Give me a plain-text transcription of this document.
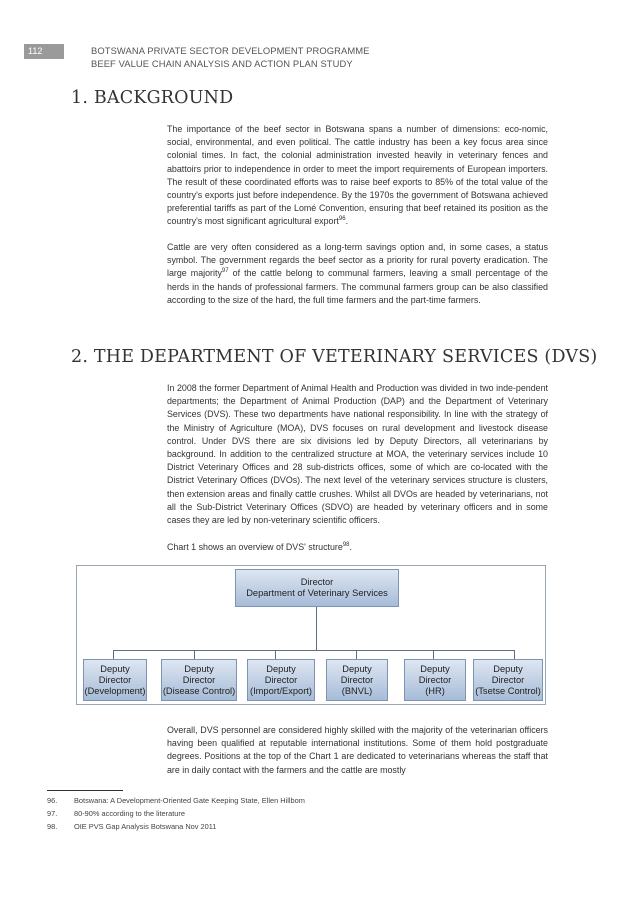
112	BOTSWANA PRIVATE SECTOR DEVELOPMENT PROGRAMME
BEEF VALUE CHAIN ANALYSIS AND ACTION PLAN STUDY
1. BACKGROUND

The importance of the beef sector in Botswana spans a number of dimensions: eco-nomic, social, environmental, and even political. The cattle industry has been a key focus area since colonial times. In fact, the colonial administration invested heavily in veterinary fences and abattoirs prior to independence in order to meet the import requirements of European importers. The result of these coordinated efforts was to raise beef exports to 85% of the total value of the country's exports just before independence. By the 1970s the government of Botswana achieved preferential tariffs as part of the Lomé Convention, ensuring that beef retained its position as the country's most significant agricultural export$^{96}$.

Cattle are very often considered as a long-term savings option and, in some cases, a status symbol. The government regards the beef sector as a priority for rural poverty eradication. The large majority$^{97}$ of the cattle belong to communal farmers, leaving a small percentage of the herds in the hands of professional farmers. The communal farmers group can be also classified according to the size of the hard, the full time farmers and the part-time farmers.

2. THE DEPARTMENT OF VETERINARY SERVICES (DVS)

In 2008 the former Department of Animal Health and Production was divided in two inde-pendent departments; the Department of Animal Production (DAP) and the Department of Veterinary Services (DVS). These two departments have national responsibility. In line with the strategy of the Ministry of Agriculture (MOA), DVS focuses on rural development and livestock disease control. Under DVS there are six divisions led by Deputy Directors, all veterinarians by background. In addition to the centralized structure at MOA, the veterinary services include 10 District Veterinary Offices and 28 sub-districts offices, some of which are co-located with the District Veterinary Offices (DVOs). The next level of the veterinary services structure is clusters, then extension areas and finally cattle crushes. Whilst all DVOs are headed by veterinarians, not all the Sub-District Veterinary Offices (SDVO) are headed by veterinary officers and in some cases they are led by non-veterinary scientific officers.

Chart 1 shows an overview of DVS' structure$^{98}$.

Director
Department of Veterinary Services
Deputy
Director
(Development)
Deputy
Director
(Disease Control)
Deputy
Director
(Import/Export)
Deputy
Director
(BNVL)
Deputy
Director
(HR)
Deputy
Director
(Tsetse Control)

Overall, DVS personnel are considered highly skilled with the majority of the veterinarian officers having been qualified at reputable international institutions. Some of them hold postgraduate degrees. Positions at the top of the Chart 1 are dedicated to veterinarians whereas the staff that are in daily contact with the farmers and the cattle are mostly

96. Botswana: A Development-Oriented Gate Keeping State, Ellen Hillbom
97. 80-90% according to the literature
98. OIE PVS Gap Analysis Botswana Nov 2011
